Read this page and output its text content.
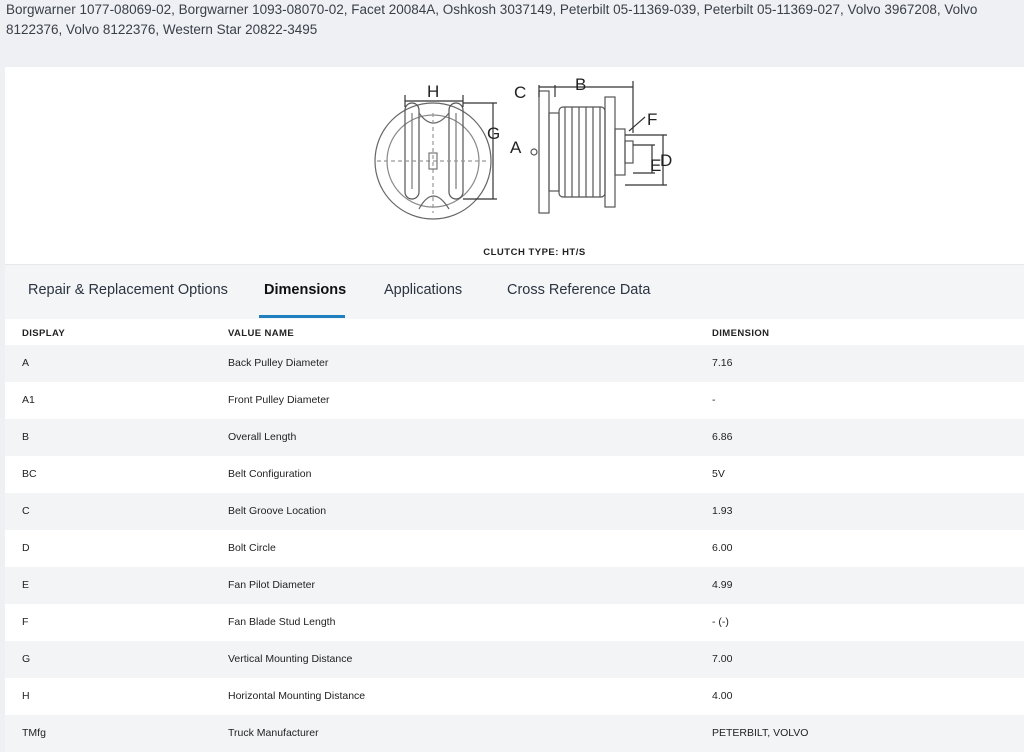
Borgwarner 1077-08069-02, Borgwarner 1093-08070-02, Facet 20084A, Oshkosh 3037149, Peterbilt 05-11369-039, Peterbilt 05-11369-027, Volvo 3967208, Volvo 8122376, Volvo 8122376, Western Star 20822-3495
H
G
C	B
A
F
E
D
CLUTCH TYPE: HT/S
Repair & Replacement Options Dimensions	Applications	Cross Reference Data
DISPLAY	VALUE NAME	DIMENSION
A	Back Pulley Diameter	7.16
A1	Front Pulley Diameter	-
B	Overall Length	6.86
BC	Belt Configuration	5V
C	Belt Groove Location	1.93
D	Bolt Circle	6.00
E	Fan Pilot Diameter	4.99
F	Fan Blade Stud Length	- (-)
G	Vertical Mounting Distance	7.00
H	Horizontal Mounting Distance	4.00
TMfg	Truck Manufacturer	PETERBILT, VOLVO
